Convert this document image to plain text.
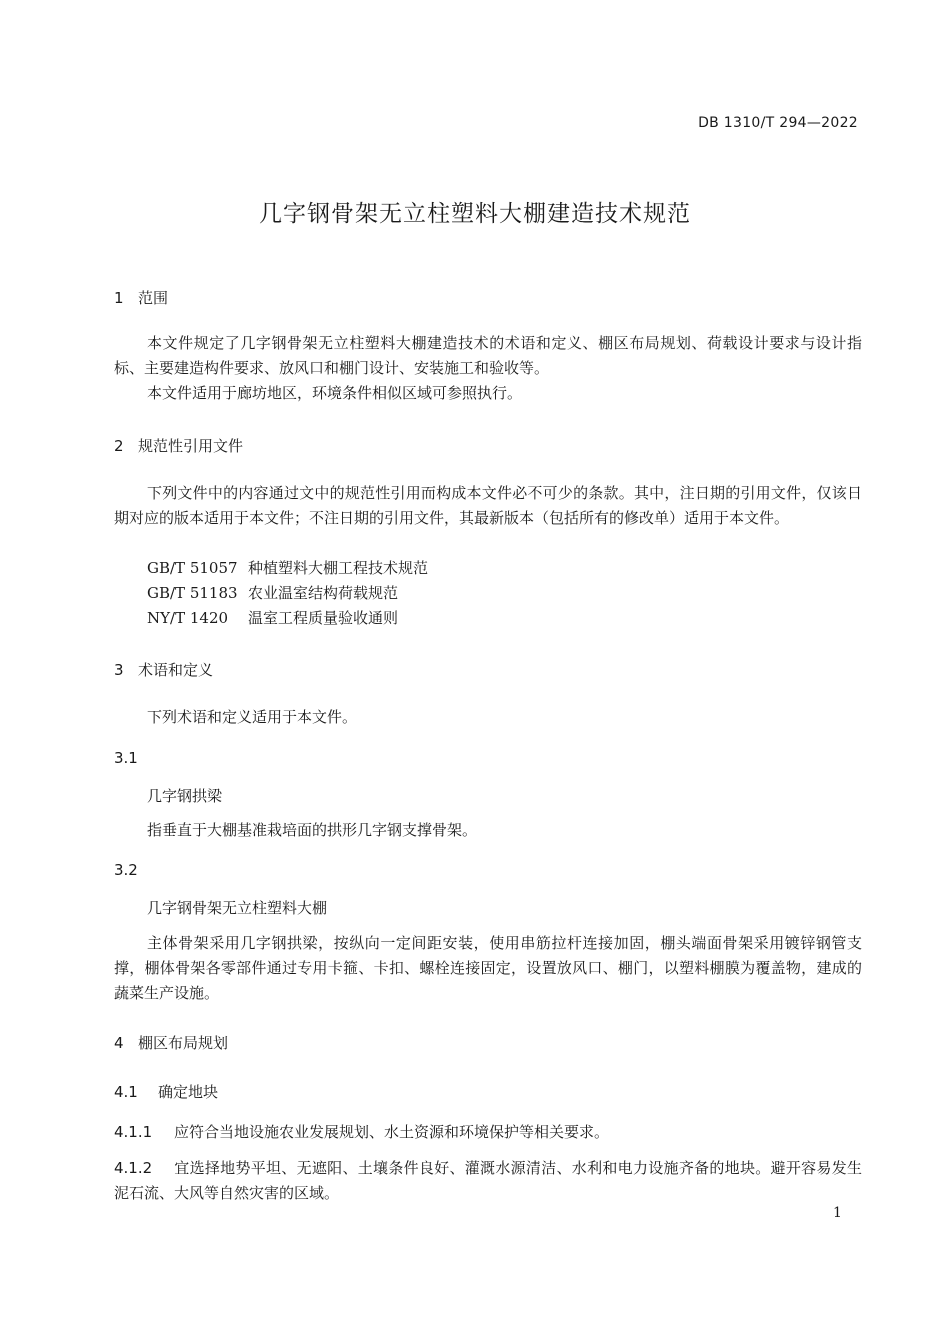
DB 1310/T 294—2022
几字钢骨架无立柱塑料大棚建造技术规范
1 范围
本文件规定了几字钢骨架无立柱塑料大棚建造技术的术语和定义、棚区布局规划、荷载设计要求与设计指标、主要建造构件要求、放风口和棚门设计、安装施工和验收等。
本文件适用于廊坊地区，环境条件相似区域可参照执行。
2 规范性引用文件
下列文件中的内容通过文中的规范性引用而构成本文件必不可少的条款。其中，注日期的引用文件，仅该日期对应的版本适用于本文件；不注日期的引用文件，其最新版本（包括所有的修改单）适用于本文件。
GB/T 51057 种植塑料大棚工程技术规范
GB/T 51183 农业温室结构荷载规范
NY/T 1420 温室工程质量验收通则
3 术语和定义
下列术语和定义适用于本文件。
3.1
几字钢拱梁
指垂直于大棚基准栽培面的拱形几字钢支撑骨架。
3.2
几字钢骨架无立柱塑料大棚
主体骨架采用几字钢拱梁，按纵向一定间距安装，使用串筋拉杆连接加固，棚头端面骨架采用镀锌钢管支撑，棚体骨架各零部件通过专用卡箍、卡扣、螺栓连接固定，设置放风口、棚门，以塑料棚膜为覆盖物，建成的蔬菜生产设施。
4 棚区布局规划
4.1 确定地块
4.1.1 应符合当地设施农业发展规划、水土资源和环境保护等相关要求。
4.1.2 宜选择地势平坦、无遮阳、土壤条件良好、灌溉水源清洁、水利和电力设施齐备的地块。避开容易发生泥石流、大风等自然灾害的区域。
1
